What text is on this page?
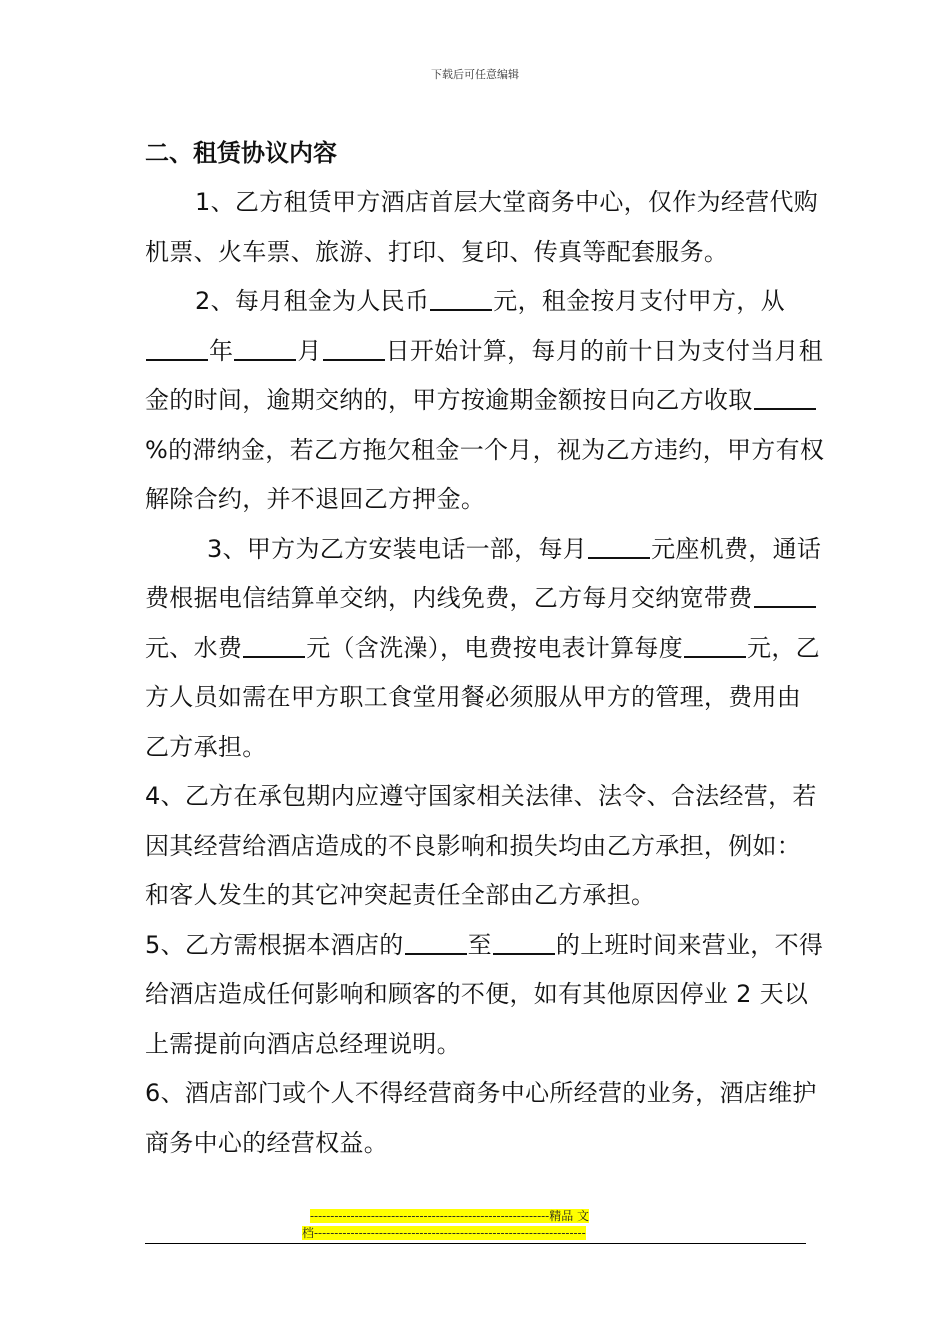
下载后可任意编辑
二、租赁协议内容

1、乙方租赁甲方酒店首层大堂商务中心，仅作为经营代购机票、火车票、旅游、打印、复印、传真等配套服务。

2、每月租金为人民币	元，租金按月支付甲方，从年	月	日开始计算，每月的前十日为支付当月租金的时间，逾期交纳的，甲方按逾期金额按日向乙方收取%的滞纳金，若乙方拖欠租金一个月，视为乙方违约，甲方有权解除合约，并不退回乙方押金。

3、甲方为乙方安装电话一部，每月	元座机费，通话费根据电信结算单交纳，内线免费，乙方每月交纳宽带费元、水费	元（含洗澡），电费按电表计算每度	元，乙方人员如需在甲方职工食堂用餐必须服从甲方的管理，费用由乙方承担。

4、乙方在承包期内应遵守国家相关法律、法令、合法经营，若因其经营给酒店造成的不良影响和损失均由乙方承担，例如：和客人发生的其它冲突起责任全部由乙方承担。

5、乙方需根据本酒店的	至	的上班时间来营业，不得给酒店造成任何影响和顾客的不便，如有其他原因停业 2 天以上需提前向酒店总经理说明。

6、酒店部门或个人不得经营商务中心所经营的业务，酒店维护商务中心的经营权益。

-----------------------------------------------------------精品 文
档-------------------------------------------------------------------
